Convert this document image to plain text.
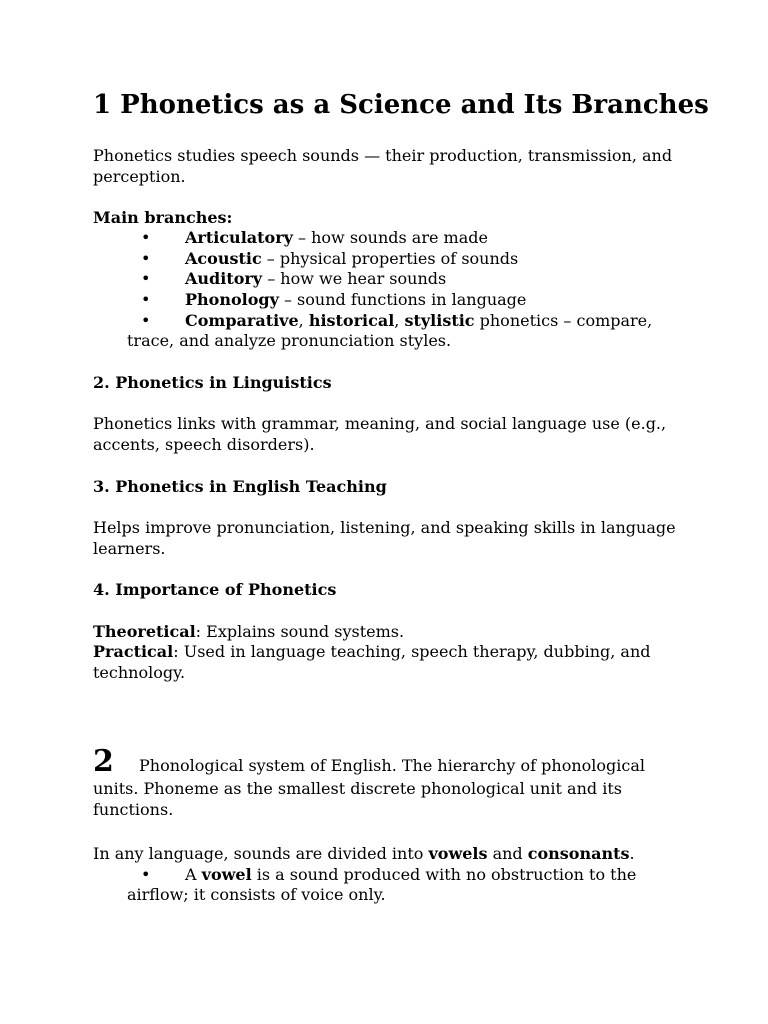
1 Phonetics as a Science and Its Branches
Phonetics studies speech sounds — their production, transmission, and
perception.
Main branches:
• Articulatory – how sounds are made
• Acoustic – physical properties of sounds
• Auditory – how we hear sounds
• Phonology – sound functions in language
• Comparative, historical, stylistic phonetics – compare,
trace, and analyze pronunciation styles.
2. Phonetics in Linguistics
Phonetics links with grammar, meaning, and social language use (e.g.,
accents, speech disorders).
3. Phonetics in English Teaching
Helps improve pronunciation, listening, and speaking skills in language
learners.
4. Importance of Phonetics
Theoretical: Explains sound systems.
Practical: Used in language teaching, speech therapy, dubbing, and
technology.
2 Phonological system of English. The hierarchy of phonological
units. Phoneme as the smallest discrete phonological unit and its
functions.
In any language, sounds are divided into vowels and consonants.
• A vowel is a sound produced with no obstruction to the
airflow; it consists of voice only.
